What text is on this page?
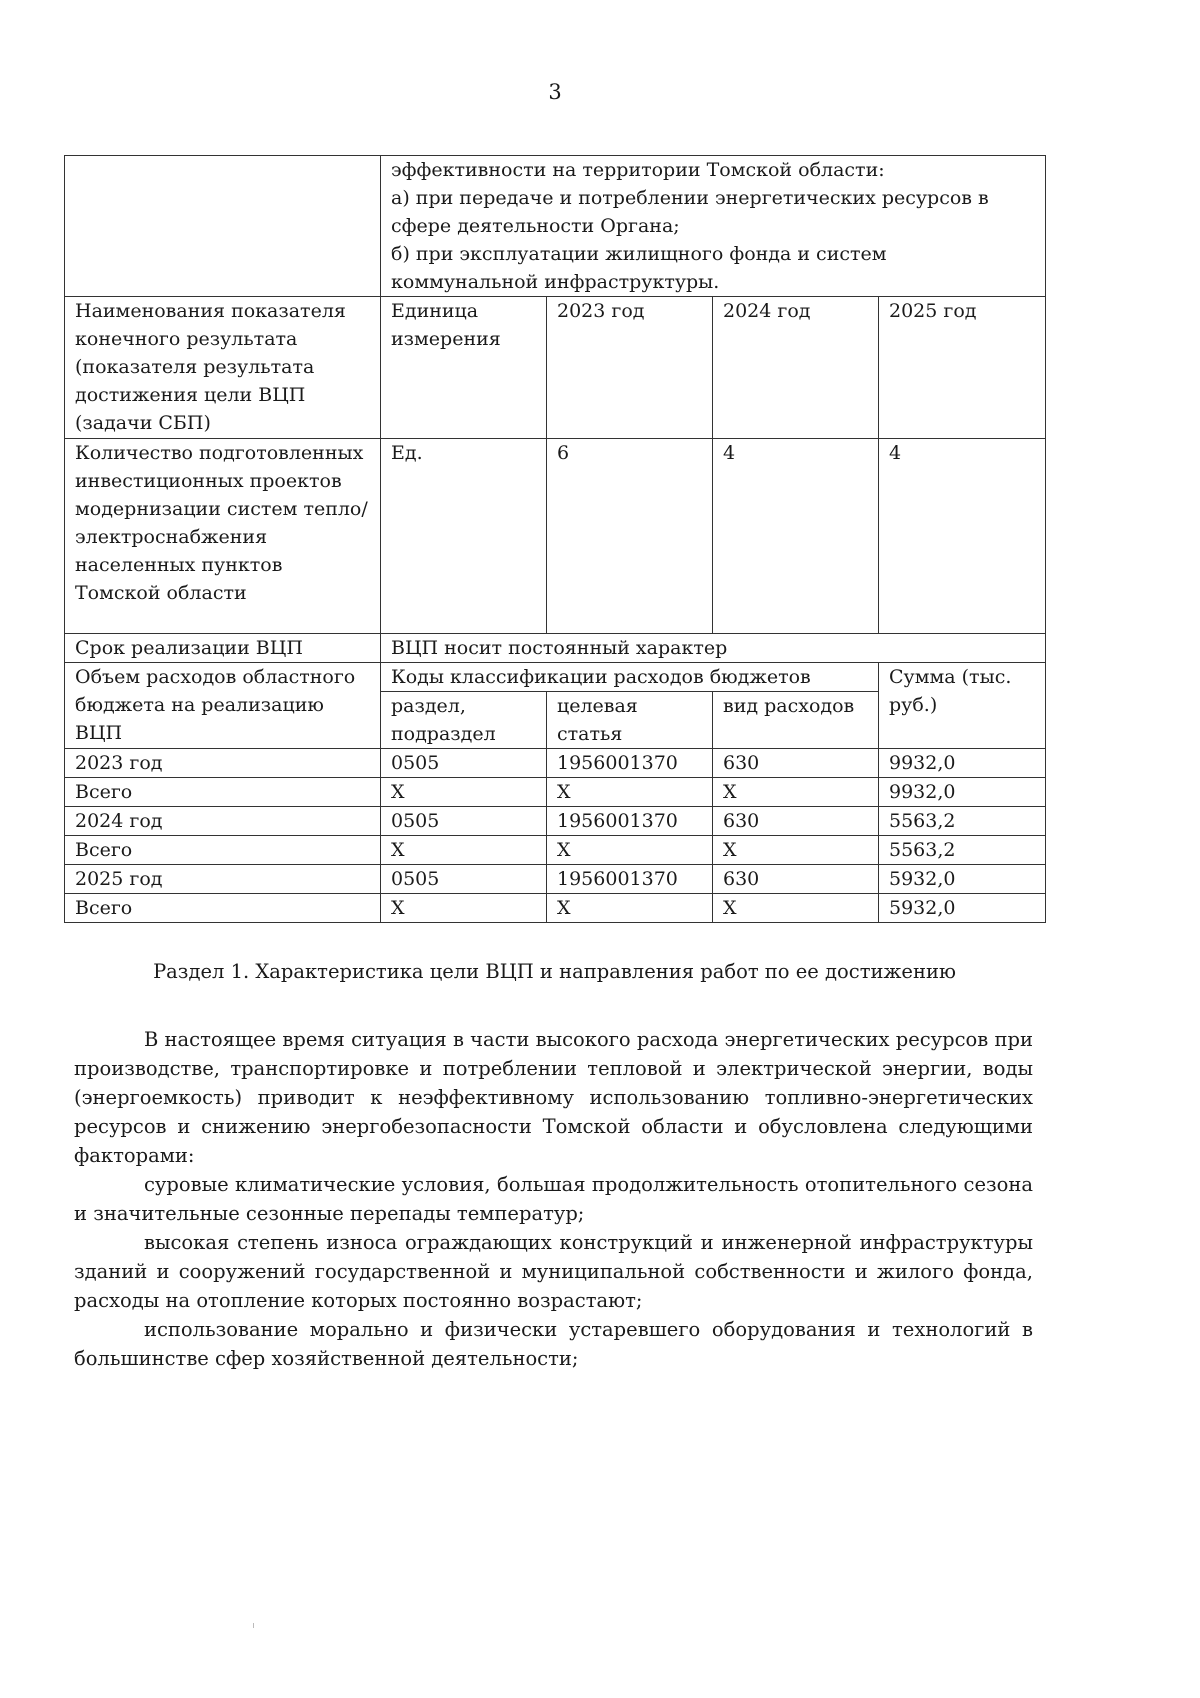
3

	эффективности на территории Томской области:
а) при передаче и потреблении энергетических ресурсов в сфере деятельности Органа;
б) при эксплуатации жилищного фонда и систем коммунальной инфраструктуры.			

Наименования показателя конечного результата (показателя результата достижения цели ВЦП (задачи СБП)	Единица измерения	2023 год	2024 год	2025 год
Количество подготовленных инвестиционных проектов модернизации систем тепло/электроснабжения населенных пунктов Томской области	Ед.	6	4	4
Срок реализации ВЦП	ВЦП носит постоянный характер			
Объем расходов областного бюджета на реализацию ВЦП	Коды классификации расходов бюджетов			Сумма (тыс. руб.)
	раздел, подраздел	целевая статья	вид расходов	
2023 год	0505	1956001370	630	9932,0
Всего	X	X	X	9932,0
2024 год	0505	1956001370	630	5563,2
Всего	X	X	X	5563,2
2025 год	0505	1956001370	630	5932,0
Всего	X	X	X	5932,0
Раздел 1. Характеристика цели ВЦП и направления работ по ее достижению

В настоящее время ситуация в части высокого расхода энергетических ресурсов при производстве, транспортировке и потреблении тепловой и электрической энергии, воды (энергоемкость) приводит к неэффективному использованию топливно-энергетических ресурсов и снижению энергобезопасности Томской области и обусловлена следующими факторами:

суровые климатические условия, большая продолжительность отопительного сезона и значительные сезонные перепады температур;

высокая степень износа ограждающих конструкций и инженерной инфраструктуры зданий и сооружений государственной и муниципальной собственности и жилого фонда, расходы на отопление которых постоянно возрастают;

использование морально и физически устаревшего оборудования и технологий в большинстве сфер хозяйственной деятельности;
